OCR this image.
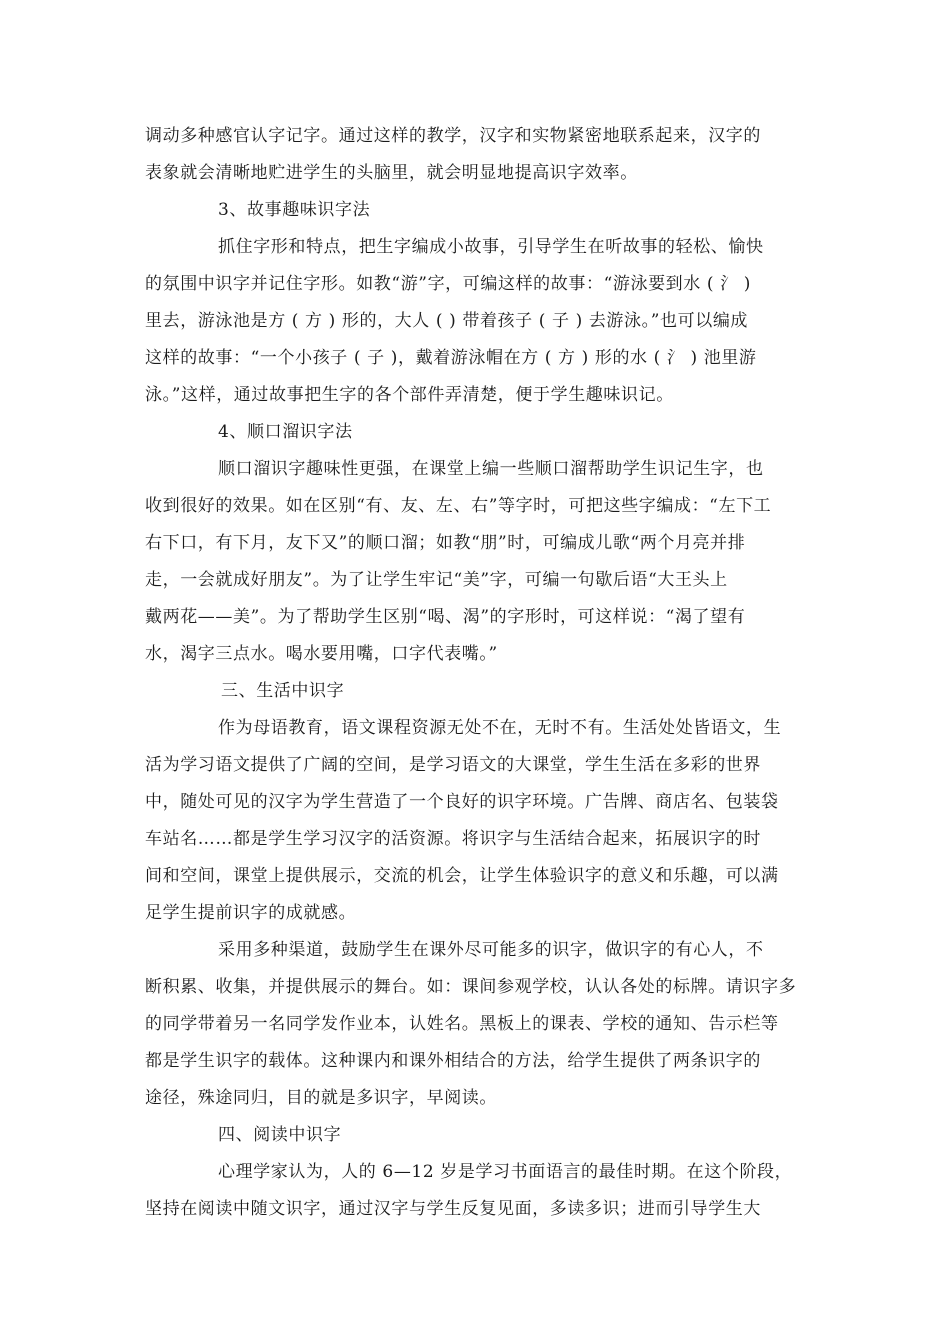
调动多种感官认字记字。通过这样的教学，汉字和实物紧密地联系起来，汉字的
表象就会清晰地贮进学生的头脑里，就会明显地提高识字效率。
3、故事趣味识字法
抓住字形和特点，把生字编成小故事，引导学生在听故事的轻松、愉快
的氛围中识字并记住字形。如教“游”字，可编这样的故事：“游泳要到水 ( 氵 )
里去，游泳池是方 ( 方 ) 形的，大人 ( ) 带着孩子 ( 子 ) 去游泳。”也可以编成
这样的故事：“一个小孩子 ( 子 )，戴着游泳帽在方 ( 方 ) 形的水 ( 氵 ) 池里游
泳。”这样，通过故事把生字的各个部件弄清楚，便于学生趣味识记。
4、顺口溜识字法
顺口溜识字趣味性更强，在课堂上编一些顺口溜帮助学生识记生字，也
收到很好的效果。如在区别“有、友、左、右”等字时，可把这些字编成：“左下工
右下口，有下月，友下又”的顺口溜；如教“朋”时，可编成儿歌“两个月亮并排
走，一会就成好朋友”。为了让学生牢记“美”字，可编一句歇后语“大王头上
戴两花——美”。为了帮助学生区别“喝、渴”的字形时，可这样说：“渴了望有
水，渴字三点水。喝水要用嘴，口字代表嘴。”
三、生活中识字
作为母语教育，语文课程资源无处不在，无时不有。生活处处皆语文，生
活为学习语文提供了广阔的空间，是学习语文的大课堂，学生生活在多彩的世界
中，随处可见的汉字为学生营造了一个良好的识字环境。广告牌、商店名、包装袋
车站名……都是学生学习汉字的活资源。将识字与生活结合起来，拓展识字的时
间和空间，课堂上提供展示，交流的机会，让学生体验识字的意义和乐趣，可以满
足学生提前识字的成就感。
采用多种渠道，鼓励学生在课外尽可能多的识字，做识字的有心人，不
断积累、收集，并提供展示的舞台。如：课间参观学校，认认各处的标牌。请识字多
的同学带着另一名同学发作业本，认姓名。黑板上的课表、学校的通知、告示栏等
都是学生识字的载体。这种课内和课外相结合的方法，给学生提供了两条识字的
途径，殊途同归，目的就是多识字，早阅读。
四、阅读中识字
心理学家认为，人的 6—12 岁是学习书面语言的最佳时期。在这个阶段，
坚持在阅读中随文识字，通过汉字与学生反复见面，多读多识；进而引导学生大
